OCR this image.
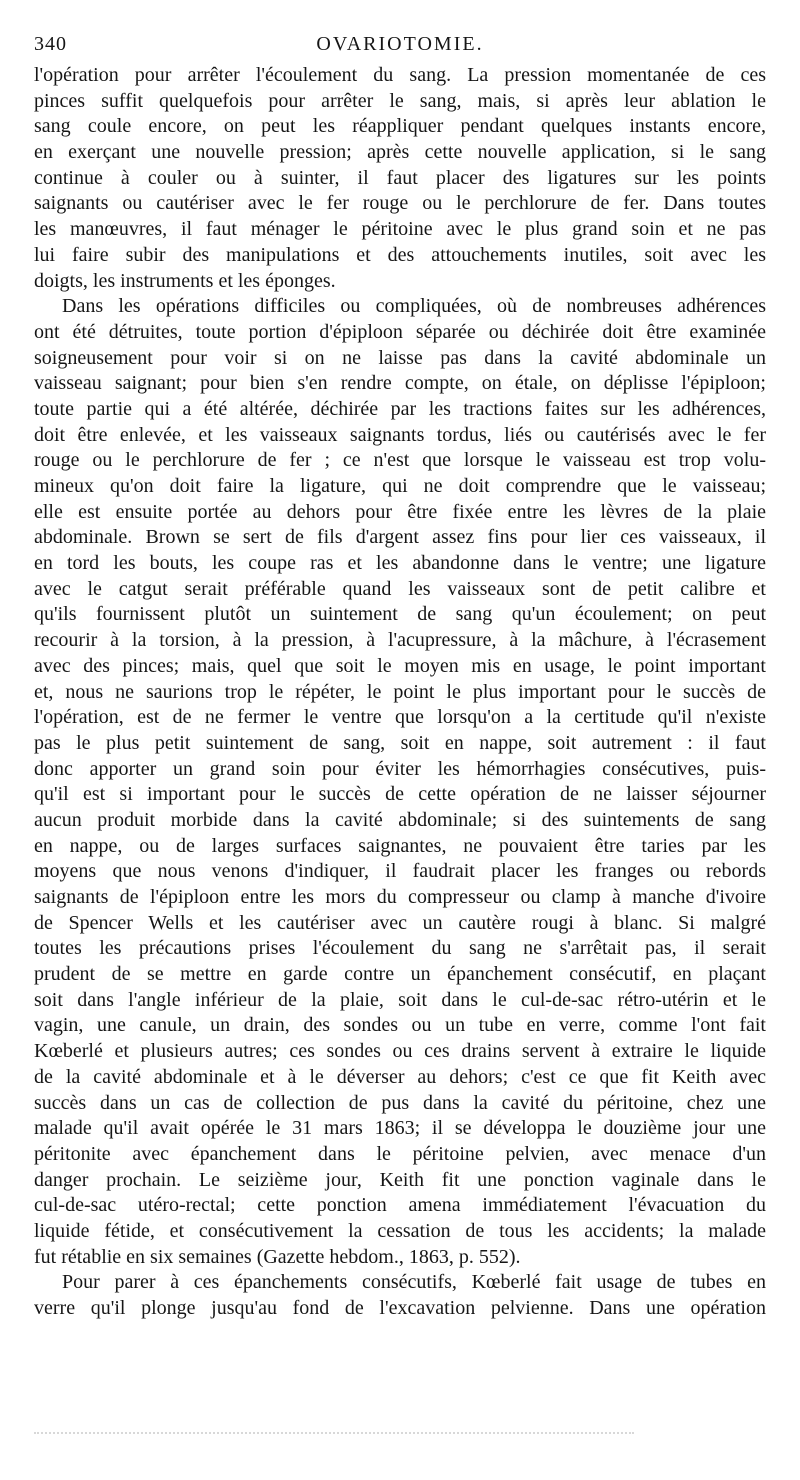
340	OVARIOTOMIE.
l'opération pour arrêter l'écoulement du sang. La pression momentanée de ces
pinces suffit quelquefois pour arrêter le sang, mais, si après leur ablation le
sang coule encore, on peut les réappliquer pendant quelques instants encore,
en exerçant une nouvelle pression; après cette nouvelle application, si le sang
continue à couler ou à suinter, il faut placer des ligatures sur les points
saignants ou cautériser avec le fer rouge ou le perchlorure de fer. Dans toutes
les manœuvres, il faut ménager le péritoine avec le plus grand soin et ne pas
lui faire subir des manipulations et des attouchements inutiles, soit avec les
doigts, les instruments et les éponges.
Dans les opérations difficiles ou compliquées, où de nombreuses adhérences
ont été détruites, toute portion d'épiploon séparée ou déchirée doit être examinée
soigneusement pour voir si on ne laisse pas dans la cavité abdominale un
vaisseau saignant; pour bien s'en rendre compte, on étale, on déplisse l'épiploon;
toute partie qui a été altérée, déchirée par les tractions faites sur les adhérences,
doit être enlevée, et les vaisseaux saignants tordus, liés ou cautérisés avec le fer
rouge ou le perchlorure de fer ; ce n'est que lorsque le vaisseau est trop volu-
mineux qu'on doit faire la ligature, qui ne doit comprendre que le vaisseau;
elle est ensuite portée au dehors pour être fixée entre les lèvres de la plaie
abdominale. Brown se sert de fils d'argent assez fins pour lier ces vaisseaux, il
en tord les bouts, les coupe ras et les abandonne dans le ventre; une ligature
avec le catgut serait préférable quand les vaisseaux sont de petit calibre et
qu'ils fournissent plutôt un suintement de sang qu'un écoulement; on peut
recourir à la torsion, à la pression, à l'acupressure, à la mâchure, à l'écrasement
avec des pinces; mais, quel que soit le moyen mis en usage, le point important
et, nous ne saurions trop le répéter, le point le plus important pour le succès de
l'opération, est de ne fermer le ventre que lorsqu'on a la certitude qu'il n'existe
pas le plus petit suintement de sang, soit en nappe, soit autrement : il faut
donc apporter un grand soin pour éviter les hémorrhagies consécutives, puis-
qu'il est si important pour le succès de cette opération de ne laisser séjourner
aucun produit morbide dans la cavité abdominale; si des suintements de sang
en nappe, ou de larges surfaces saignantes, ne pouvaient être taries par les
moyens que nous venons d'indiquer, il faudrait placer les franges ou rebords
saignants de l'épiploon entre les mors du compresseur ou clamp à manche d'ivoire
de Spencer Wells et les cautériser avec un cautère rougi à blanc. Si malgré
toutes les précautions prises l'écoulement du sang ne s'arrêtait pas, il serait
prudent de se mettre en garde contre un épanchement consécutif, en plaçant
soit dans l'angle inférieur de la plaie, soit dans le cul-de-sac rétro-utérin et le
vagin, une canule, un drain, des sondes ou un tube en verre, comme l'ont fait
Kœberlé et plusieurs autres; ces sondes ou ces drains servent à extraire le liquide
de la cavité abdominale et à le déverser au dehors; c'est ce que fit Keith avec
succès dans un cas de collection de pus dans la cavité du péritoine, chez une
malade qu'il avait opérée le 31 mars 1863; il se développa le douzième jour une
péritonite avec épanchement dans le péritoine pelvien, avec menace d'un
danger prochain. Le seizième jour, Keith fit une ponction vaginale dans le
cul-de-sac utéro-rectal; cette ponction amena immédiatement l'évacuation du
liquide fétide, et consécutivement la cessation de tous les accidents; la malade
fut rétablie en six semaines (Gazette hebdom., 1863, p. 552).
Pour parer à ces épanchements consécutifs, Kœberlé fait usage de tubes en
verre qu'il plonge jusqu'au fond de l'excavation pelvienne. Dans une opération
